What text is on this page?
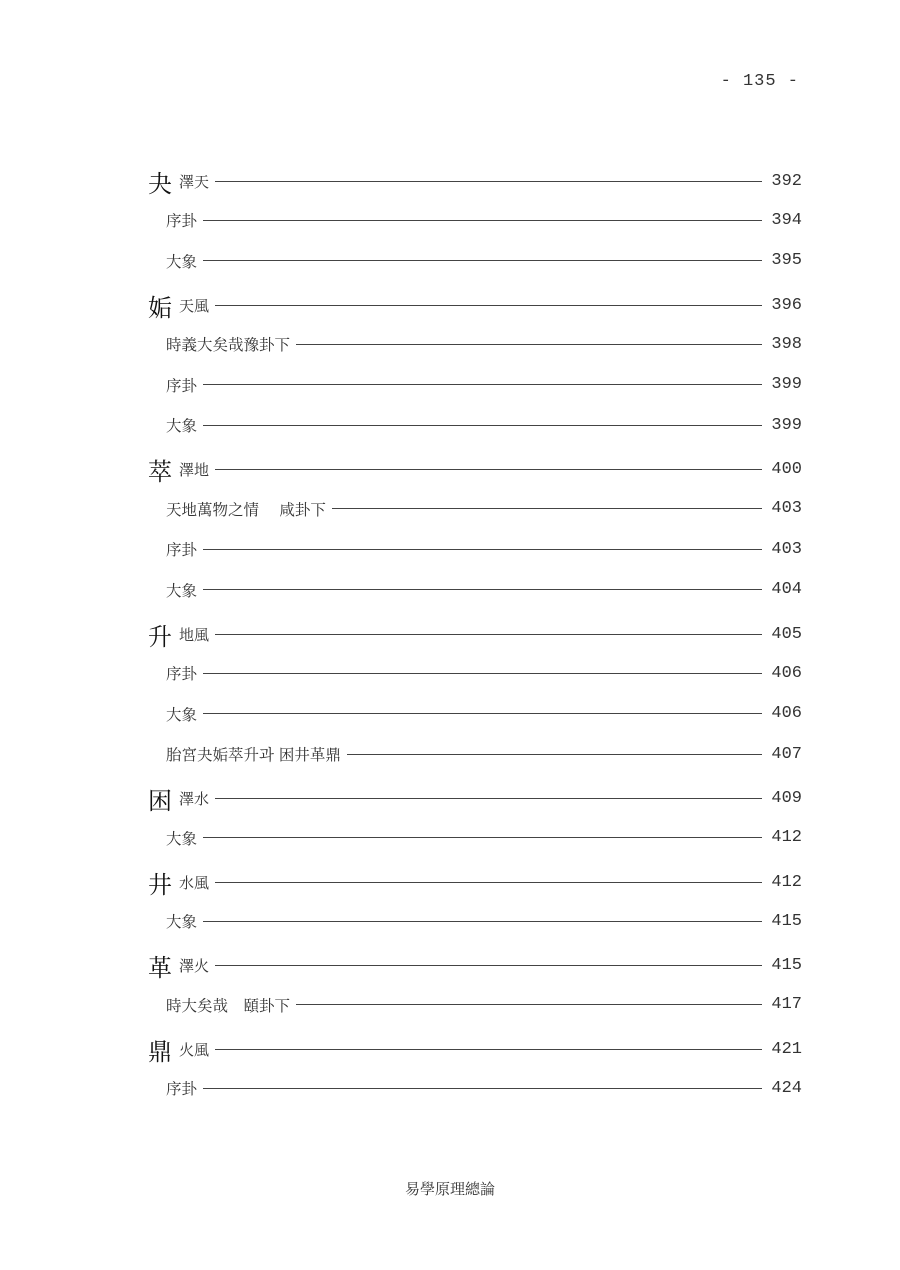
- 135 -
夬 澤天	392
序卦	394
大象	395
姤 天風	396
時義大矣哉豫卦下	398
序卦	399
大象	399
萃 澤地	400
天地萬物之情　 咸卦下	403
序卦	403
大象	404
升 地風	405
序卦	406
大象	406
胎宮夬姤萃升과 困井革鼎	407
困 澤水	409
大象	412
井 水風	412
大象	415
革 澤火	415
時大矣哉　頤卦下	417
鼎 火風	421
序卦	424
易學原理總論
